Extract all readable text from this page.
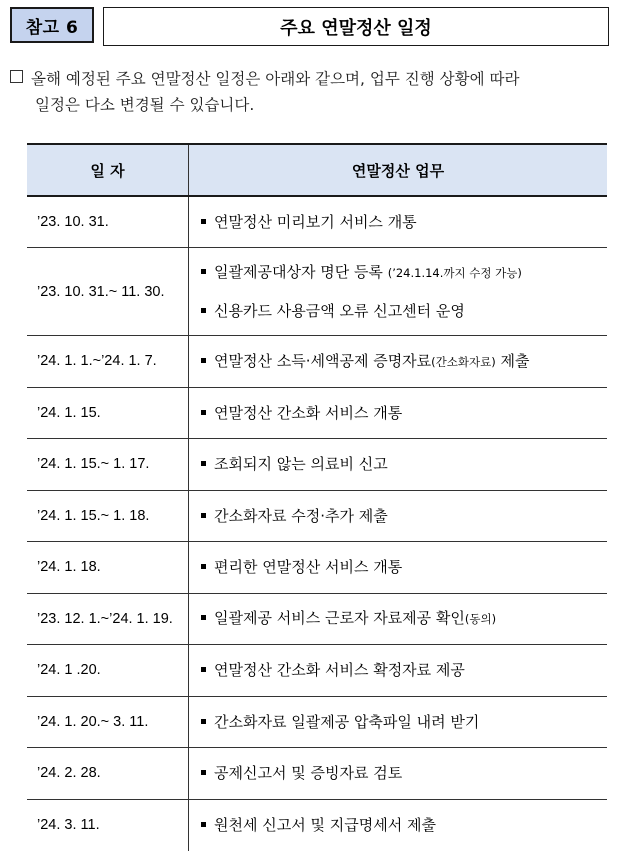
참고 6	주요 연말정산 일정
올해 예정된 주요 연말정산 일정은 아래와 같으며, 업무 진행 상황에 따라
일정은 다소 변경될 수 있습니다.
일 자	연말정산 업무
’23. 10. 31.	연말정산 미리보기 서비스 개통

’23. 10. 31.~ 11. 30.	일괄제공대상자 명단 등록 (’24.1.14.까지 수정 가능)
신용카드 사용금액 오류 신고센터 운영

’24. 1. 1.~’24. 1. 7.	연말정산 소득·세액공제 증명자료(간소화자료) 제출

’24. 1. 15.	연말정산 간소화 서비스 개통

’24. 1. 15.~ 1. 17.	조회되지 않는 의료비 신고

’24. 1. 15.~ 1. 18.	간소화자료 수정·추가 제출

’24. 1. 18.	편리한 연말정산 서비스 개통

’23. 12. 1.~’24. 1. 19.	일괄제공 서비스 근로자 자료제공 확인(동의)

’24. 1 .20.	연말정산 간소화 서비스 확정자료 제공

’24. 1. 20.~ 3. 11.	간소화자료 일괄제공 압축파일 내려 받기

’24. 2. 28.	공제신고서 및 증빙자료 검토

’24. 3. 11.	원천세 신고서 및 지급명세서 제출
